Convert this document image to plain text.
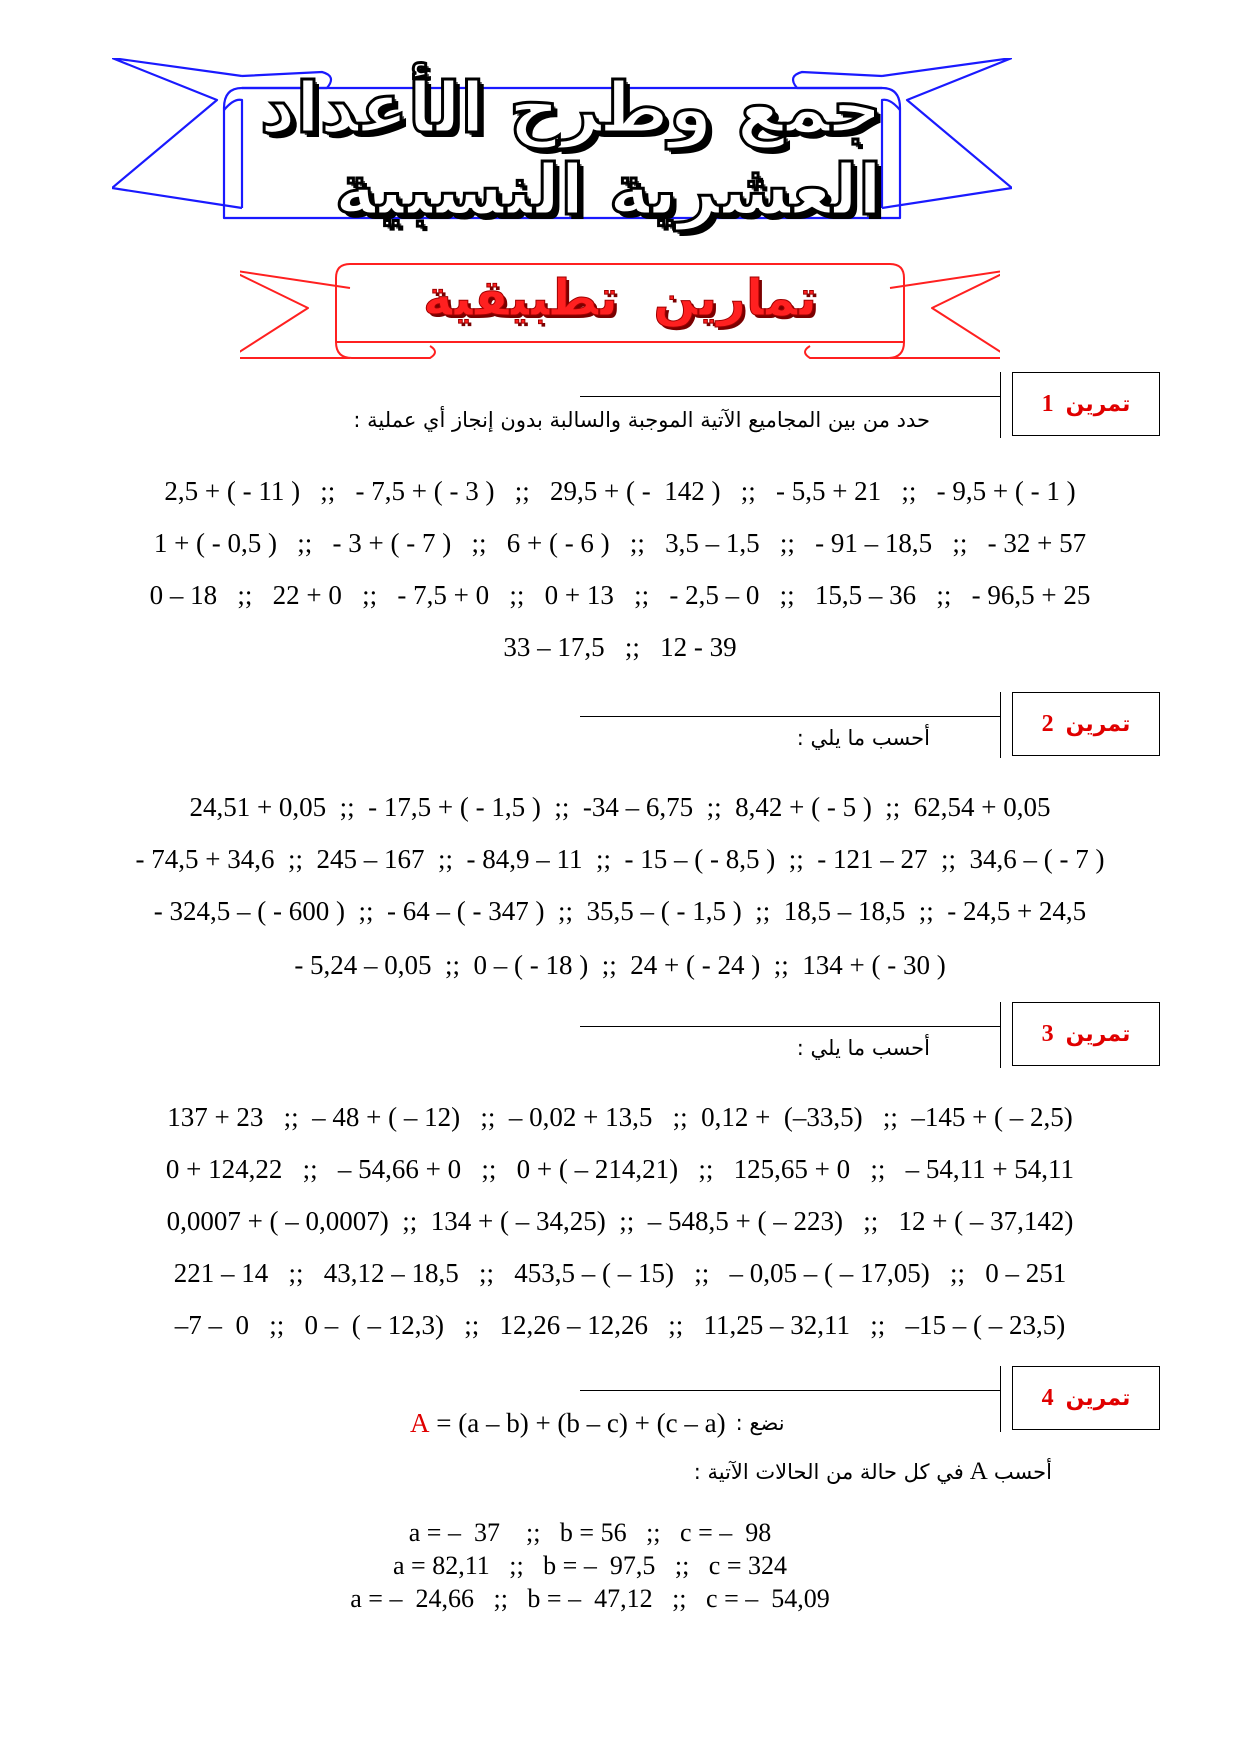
جمع وطرح الأعداد العشرية النسبية
تمارين تطبيقية
تمرين
1
حدد من بين المجاميع الآتية الموجبة والسالبة بدون إنجاز أي عملية :
2,5 + ( - 11 )   ;;   - 7,5 + ( - 3 )   ;;   29,5 + ( -  142 )   ;;   - 5,5 + 21   ;;   - 9,5 + ( - 1 )
1 + ( - 0,5 )   ;;   - 3 + ( - 7 )   ;;   6 + ( - 6 )   ;;   3,5 – 1,5   ;;   - 91 – 18,5   ;;   - 32 + 57
0 – 18   ;;   22 + 0   ;;   - 7,5 + 0   ;;   0 + 13   ;;   - 2,5 – 0   ;;   15,5 – 36   ;;   - 96,5 + 25
33 – 17,5   ;;   12 - 39
تمرين
2
أحسب ما يلي :
24,51 + 0,05  ;;  - 17,5 + ( - 1,5 )  ;;  -34 – 6,75  ;;  8,42 + ( - 5 )  ;;  62,54 + 0,05
- 74,5 + 34,6  ;;  245 – 167  ;;  - 84,9 – 11  ;;  - 15 – ( - 8,5 )  ;;  - 121 – 27  ;;  34,6 – ( - 7 )
- 324,5 – ( - 600 )  ;;  - 64 – ( - 347 )  ;;  35,5 – ( - 1,5 )  ;;  18,5 – 18,5  ;;  - 24,5 + 24,5
- 5,24 – 0,05  ;;  0 – ( - 18 )  ;;  24 + ( - 24 )  ;;  134 + ( - 30 )
تمرين
3
أحسب ما يلي :
137 + 23   ;;  – 48 + ( – 12)   ;;  – 0,02 + 13,5   ;;  0,12 +  (–33,5)   ;;  –145 + ( – 2,5)
0 + 124,22   ;;   – 54,66 + 0   ;;   0 + ( – 214,21)   ;;   125,65 + 0   ;;   – 54,11 + 54,11
0,0007 + ( – 0,0007)  ;;  134 + ( – 34,25)  ;;  – 548,5 + ( – 223)   ;;   12 + ( – 37,142)
221 – 14   ;;   43,12 – 18,5   ;;   453,5 – ( – 15)   ;;   – 0,05 – ( – 17,05)   ;;   0 – 251
–7 –  0   ;;   0 –  ( – 12,3)   ;;   12,26 – 12,26   ;;   11,25 – 32,11   ;;   –15 – ( – 23,5)
تمرين
4
A = (a – b) + (b – c) + (c – a) نضع :
أحسب
A
في كل حالة من الحالات الآتية :
a = –  37    ;;   b = 56   ;;   c = –  98
a = 82,11   ;;   b = –  97,5   ;;   c = 324
a = –  24,66   ;;   b = –  47,12   ;;   c = –  54,09
